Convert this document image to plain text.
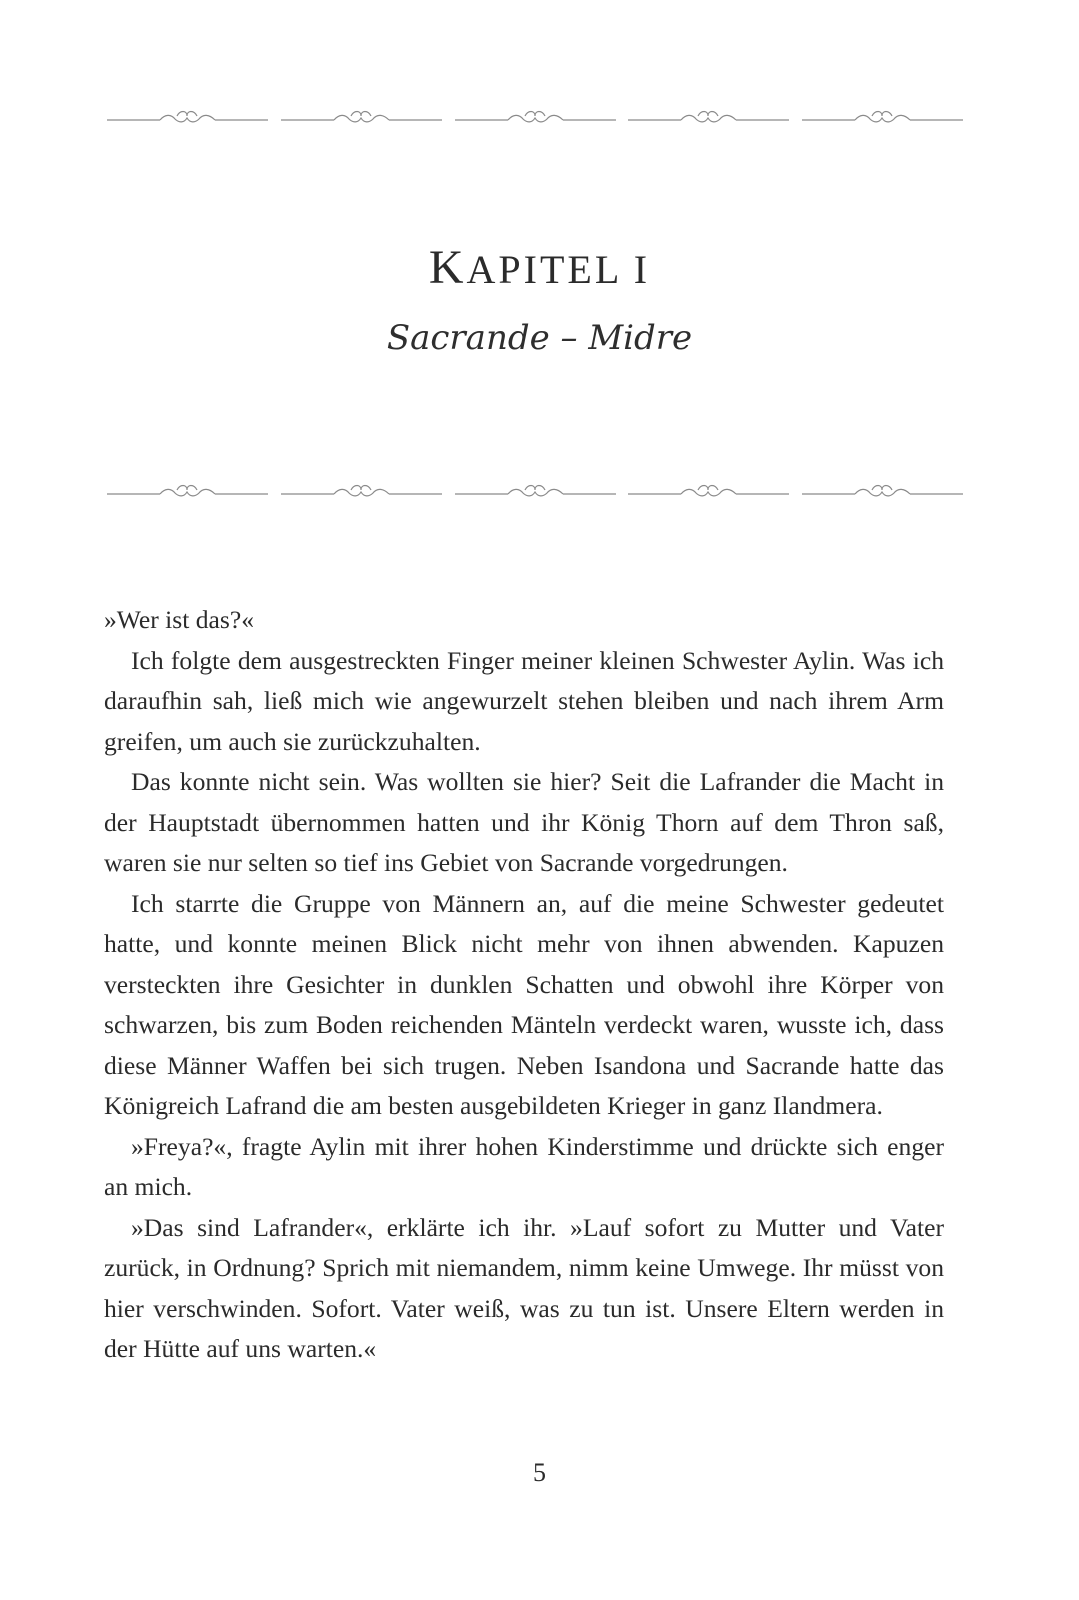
KAPITEL I
Sacrande – Midre

»Wer ist das?«

Ich folgte dem ausgestreckten Finger meiner kleinen Schwester Aylin. Was ich daraufhin sah, ließ mich wie angewurzelt stehen bleiben und nach ihrem Arm greifen, um auch sie zurückzuhalten.

Das konnte nicht sein. Was wollten sie hier? Seit die Lafrander die Macht in der Hauptstadt übernommen hatten und ihr König Thorn auf dem Thron saß, waren sie nur selten so tief ins Gebiet von Sacrande vorgedrungen.

Ich starrte die Gruppe von Männern an, auf die meine Schwester gedeutet hatte, und konnte meinen Blick nicht mehr von ihnen abwenden. Kapuzen versteckten ihre Gesichter in dunklen Schatten und obwohl ihre Körper von schwarzen, bis zum Boden reichenden Mänteln verdeckt waren, wusste ich, dass diese Männer Waffen bei sich trugen. Neben Isandona und Sacrande hatte das Königreich Lafrand die am besten ausgebildeten Krieger in ganz Ilandmera.

»Freya?«, fragte Aylin mit ihrer hohen Kinderstimme und drückte sich enger an mich.

»Das sind Lafrander«, erklärte ich ihr. »Lauf sofort zu Mutter und Vater zurück, in Ordnung? Sprich mit niemandem, nimm keine Umwege. Ihr müsst von hier verschwinden. Sofort. Vater weiß, was zu tun ist. Unsere Eltern werden in der Hütte auf uns warten.«

5
